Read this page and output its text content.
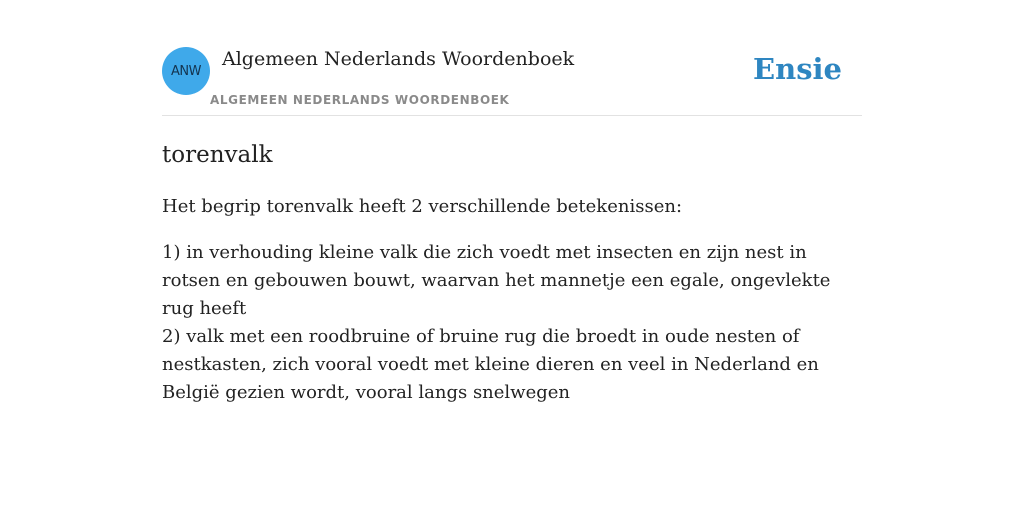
ANW
Algemeen Nederlands Woordenboek
ALGEMEEN NEDERLANDS WOORDENBOEK
Ensie
torenvalk

Het begrip torenvalk heeft 2 verschillende betekenissen:

1) in verhouding kleine valk die zich voedt met insecten en zijn nest in rotsen en gebouwen bouwt, waarvan het mannetje een egale, ongevlekte rug heeft
2) valk met een roodbruine of bruine rug die broedt in oude nesten of nestkasten, zich vooral voedt met kleine dieren en veel in Nederland en België gezien wordt, vooral langs snelwegen
